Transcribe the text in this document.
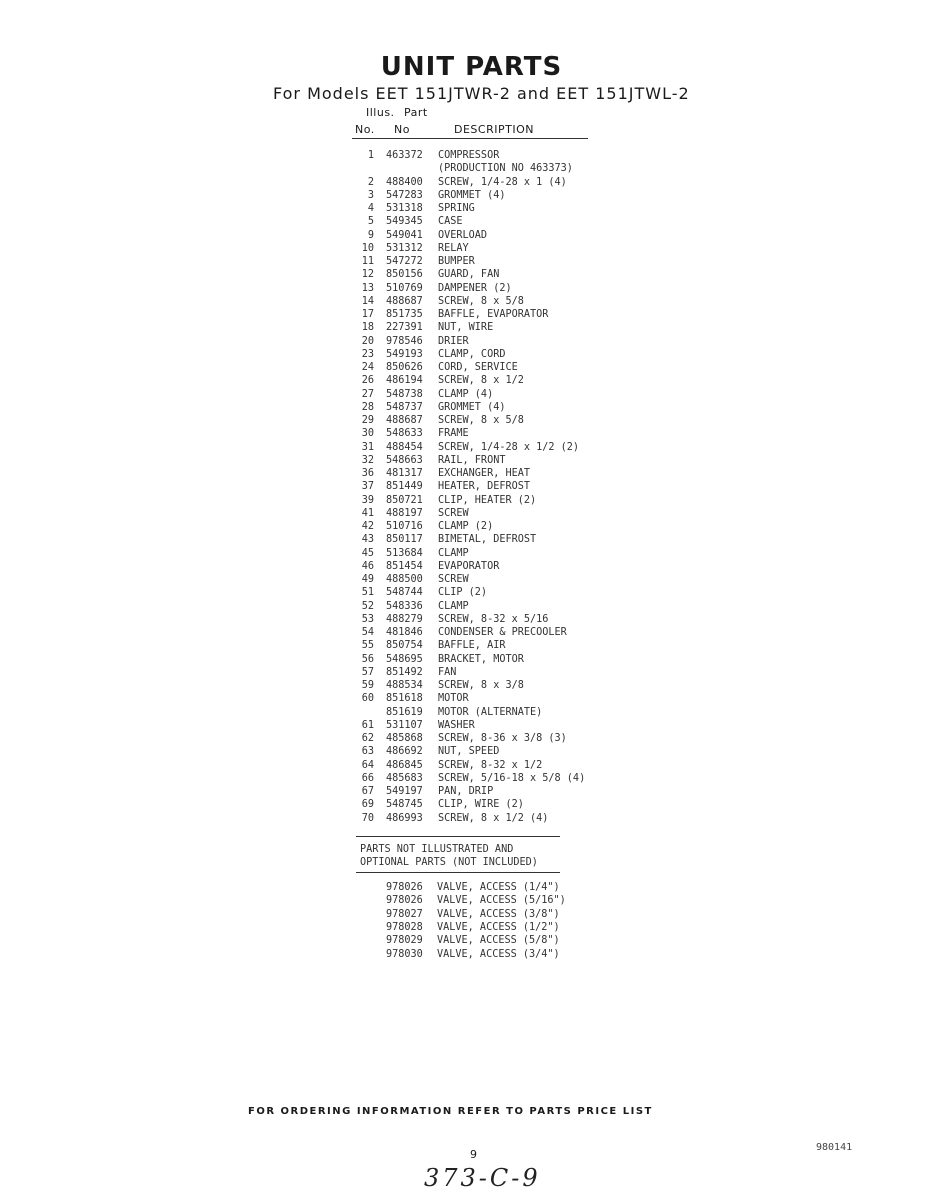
UNIT PARTS
For Models EET 151JTWR-2 and EET 151JTWL-2
Illus. Part
No. No	DESCRIPTION
1 463372 COMPRESSOR
(PRODUCTION NO 463373)
2 488400 SCREW, 1/4-28 x 1 (4)
3 547283 GROMMET (4)
4 531318 SPRING
5 549345 CASE
9 549041 OVERLOAD
10 531312 RELAY
11 547272 BUMPER
12 850156 GUARD, FAN
13 510769 DAMPENER (2)
14 488687 SCREW, 8 x 5/8
17 851735 BAFFLE, EVAPORATOR
18 227391 NUT, WIRE
20 978546 DRIER
23 549193 CLAMP, CORD
24 850626 CORD, SERVICE
26 486194 SCREW, 8 x 1/2
27 548738 CLAMP (4)
28 548737 GROMMET (4)
29 488687 SCREW, 8 x 5/8
30 548633 FRAME
31 488454 SCREW, 1/4-28 x 1/2 (2)
32 548663 RAIL, FRONT
36 481317 EXCHANGER, HEAT
37 851449 HEATER, DEFROST
39 850721 CLIP, HEATER (2)
41 488197 SCREW
42 510716 CLAMP (2)
43 850117 BIMETAL, DEFROST
45 513684 CLAMP
46 851454 EVAPORATOR
49 488500 SCREW
51 548744 CLIP (2)
52 548336 CLAMP
53 488279 SCREW, 8-32 x 5/16
54 481846 CONDENSER & PRECOOLER
55 850754 BAFFLE, AIR
56 548695 BRACKET, MOTOR
57 851492 FAN
59 488534 SCREW, 8 x 3/8
60 851618 MOTOR
851619 MOTOR (ALTERNATE)
61 531107 WASHER
62 485868 SCREW, 8-36 x 3/8 (3)
63 486692 NUT, SPEED
64 486845 SCREW, 8-32 x 1/2
66 485683 SCREW, 5/16-18 x 5/8 (4)
67 549197 PAN, DRIP
69 548745 CLIP, WIRE (2)
70 486993 SCREW, 8 x 1/2 (4)
PARTS NOT ILLUSTRATED AND
OPTIONAL PARTS (NOT INCLUDED)
978026 VALVE, ACCESS (1/4")
978026 VALVE, ACCESS (5/16")
978027 VALVE, ACCESS (3/8")
978028 VALVE, ACCESS (1/2")
978029 VALVE, ACCESS (5/8")
978030 VALVE, ACCESS (3/4")
FOR ORDERING INFORMATION REFER TO PARTS PRICE LIST
9
980141
373-C-9
